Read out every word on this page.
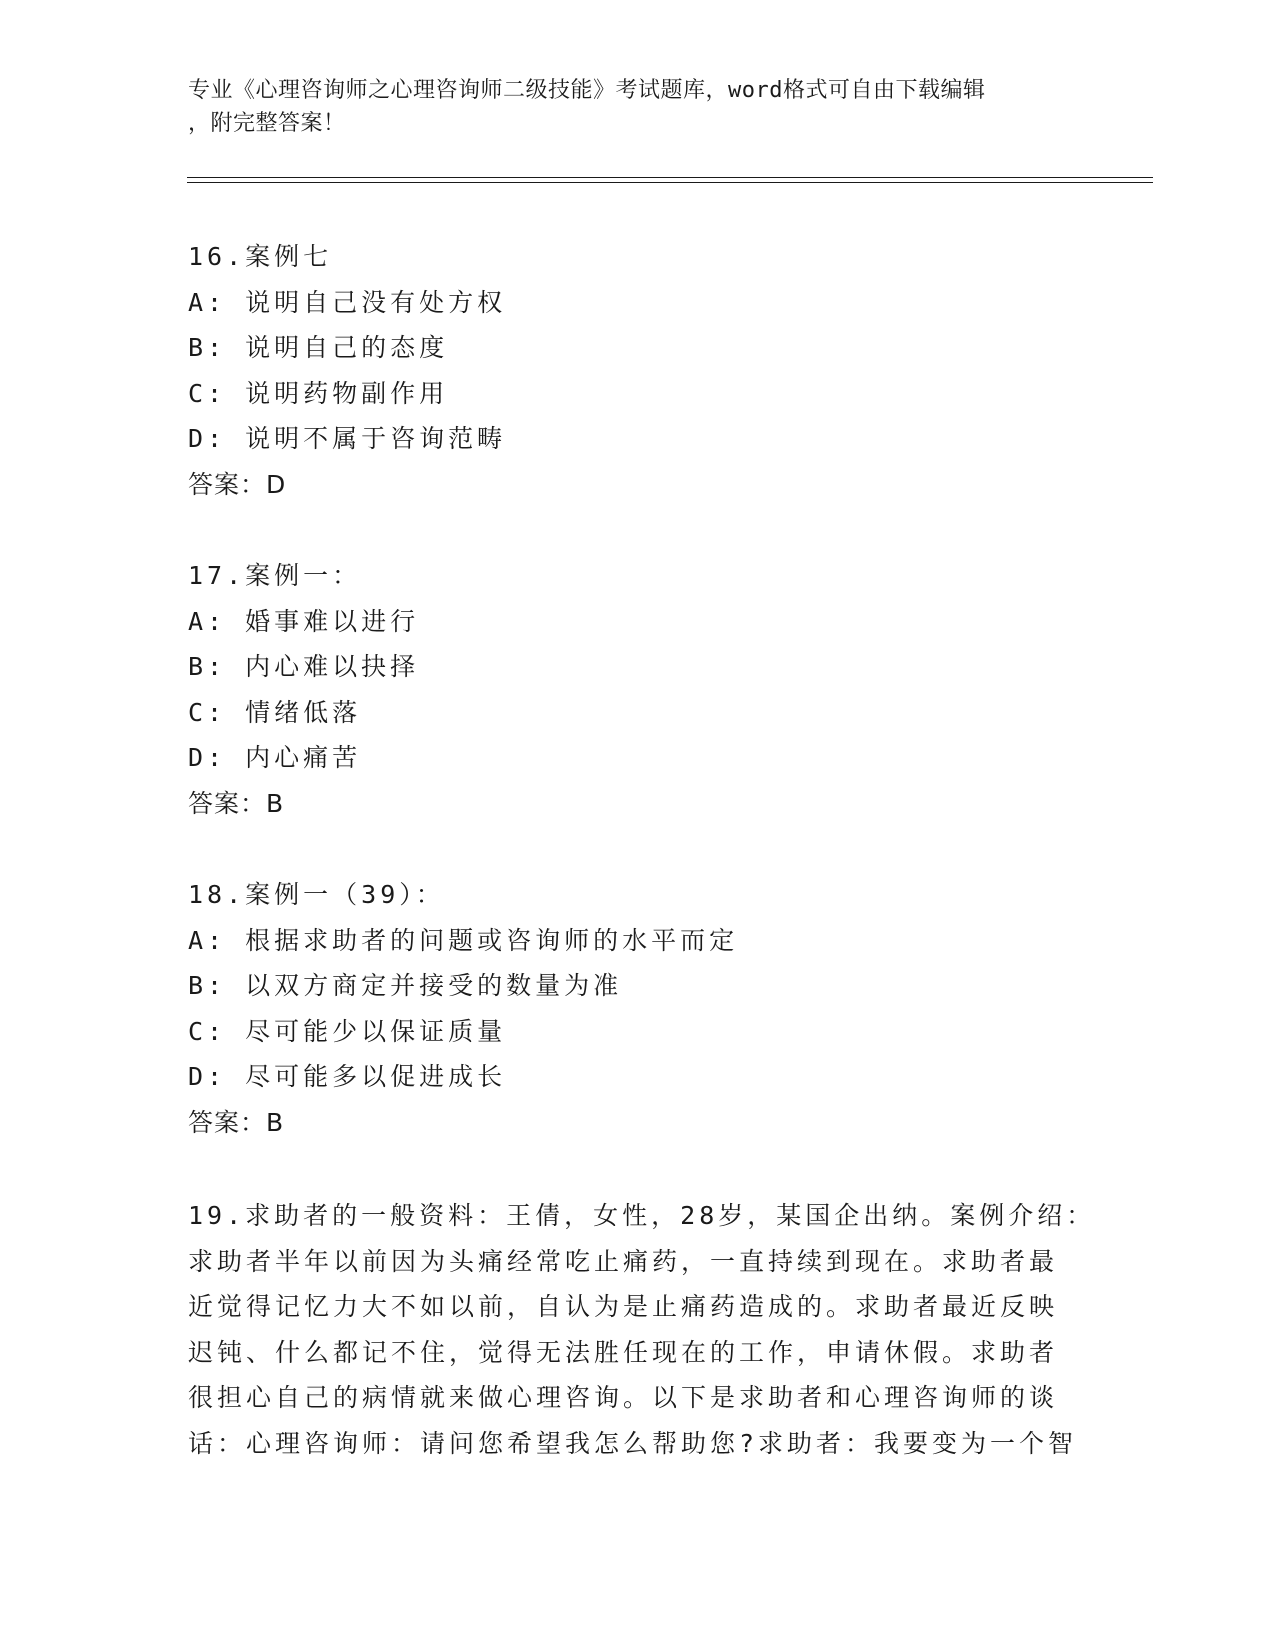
专业《心理咨询师之心理咨询师二级技能》考试题库，word格式可自由下载编辑
，附完整答案！
16.案例七
A: 说明自己没有处方权
B: 说明自己的态度
C: 说明药物副作用
D: 说明不属于咨询范畴
答案：D
17.案例一：
A: 婚事难以进行
B: 内心难以抉择
C: 情绪低落
D: 内心痛苦
答案：B
18.案例一（39）：
A: 根据求助者的问题或咨询师的水平而定
B: 以双方商定并接受的数量为准
C: 尽可能少以保证质量
D: 尽可能多以促进成长
答案：B
19.求助者的一般资料：王倩，女性，28岁，某国企出纳。案例介绍：
求助者半年以前因为头痛经常吃止痛药，一直持续到现在。求助者最
近觉得记忆力大不如以前，自认为是止痛药造成的。求助者最近反映
迟钝、什么都记不住，觉得无法胜任现在的工作，申请休假。求助者
很担心自己的病情就来做心理咨询。以下是求助者和心理咨询师的谈
话：心理咨询师：请问您希望我怎么帮助您?求助者：我要变为一个智
